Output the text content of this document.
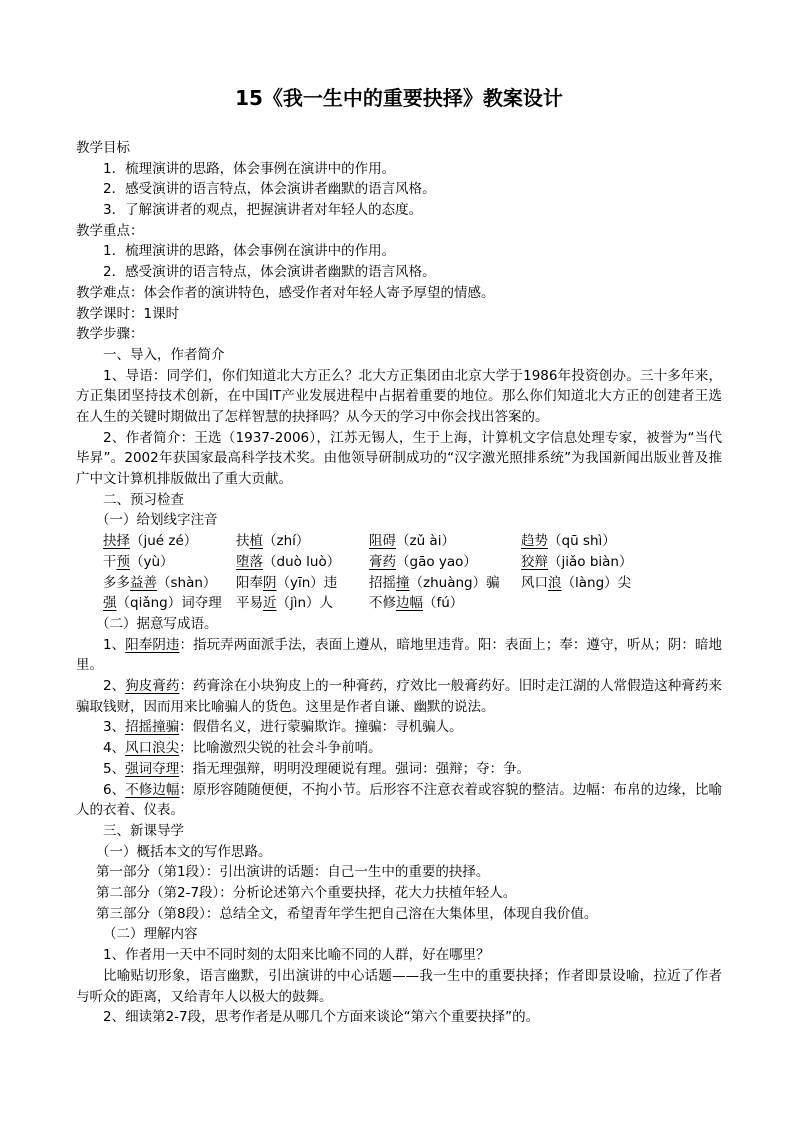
15《我一生中的重要抉择》教案设计
教学目标
1．梳理演讲的思路，体会事例在演讲中的作用。
2．感受演讲的语言特点，体会演讲者幽默的语言风格。
3．了解演讲者的观点，把握演讲者对年轻人的态度。
教学重点：
1．梳理演讲的思路，体会事例在演讲中的作用。
2．感受演讲的语言特点，体会演讲者幽默的语言风格。
教学难点：体会作者的演讲特色，感受作者对年轻人寄予厚望的情感。
教学课时：1课时
教学步骤：
一、导入，作者简介
1、导语：同学们，你们知道北大方正么？北大方正集团由北京大学于1986年投资创办。三十多年来，方正集团坚持技术创新，在中国IT产业发展进程中占据着重要的地位。那么你们知道北大方正的创建者王选在人生的关键时期做出了怎样智慧的抉择吗？从今天的学习中你会找出答案的。
2、作者简介：王选（1937-2006），江苏无锡人，生于上海，计算机文字信息处理专家，被誉为“当代毕昇”。2002年获国家最高科学技术奖。由他领导研制成功的“汉字激光照排系统”为我国新闻出版业普及推广中文计算机排版做出了重大贡献。
二、预习检查
（一）给划线字注音
抉择（jué zé）	扶植（zhí）	阻碍（zǔ ài）	趋势（qū shì）
干预（yù）	堕落（duò luò）	膏药（gāo yao）	狡辩（jiǎo biàn）
多多益善（shàn）	阳奉阴（yīn）违	招摇撞（zhuàng）骗	风口浪（làng）尖
强（qiǎng）词夺理	平易近（jìn）人	不修边幅（fú）
（二）据意写成语。
1、阳奉阴违：指玩弄两面派手法，表面上遵从，暗地里违背。阳：表面上；奉：遵守，听从；阴：暗地里。
2、狗皮膏药：药膏涂在小块狗皮上的一种膏药，疗效比一般膏药好。旧时走江湖的人常假造这种膏药来骗取钱财，因而用来比喻骗人的货色。这里是作者自谦、幽默的说法。
3、招摇撞骗：假借名义，进行蒙骗欺诈。撞骗：寻机骗人。
4、风口浪尖：比喻激烈尖锐的社会斗争前哨。
5、强词夺理：指无理强辩，明明没理硬说有理。强词：强辩；夺：争。
6、不修边幅：原形容随随便便，不拘小节。后形容不注意衣着或容貌的整洁。边幅：布帛的边缘，比喻人的衣着、仪表。
三、新课导学
（一）概括本文的写作思路。
第一部分（第1段）：引出演讲的话题：自己一生中的重要的抉择。
第二部分（第2-7段）：分析论述第六个重要抉择，花大力扶植年轻人。
第三部分（第8段）：总结全文，希望青年学生把自己溶在大集体里，体现自我价值。
（二）理解内容
1、作者用一天中不同时刻的太阳来比喻不同的人群，好在哪里？
比喻贴切形象，语言幽默，引出演讲的中心话题——我一生中的重要抉择；作者即景设喻，拉近了作者与听众的距离，又给青年人以极大的鼓舞。
2、细读第2-7段，思考作者是从哪几个方面来谈论“第六个重要抉择”的。
